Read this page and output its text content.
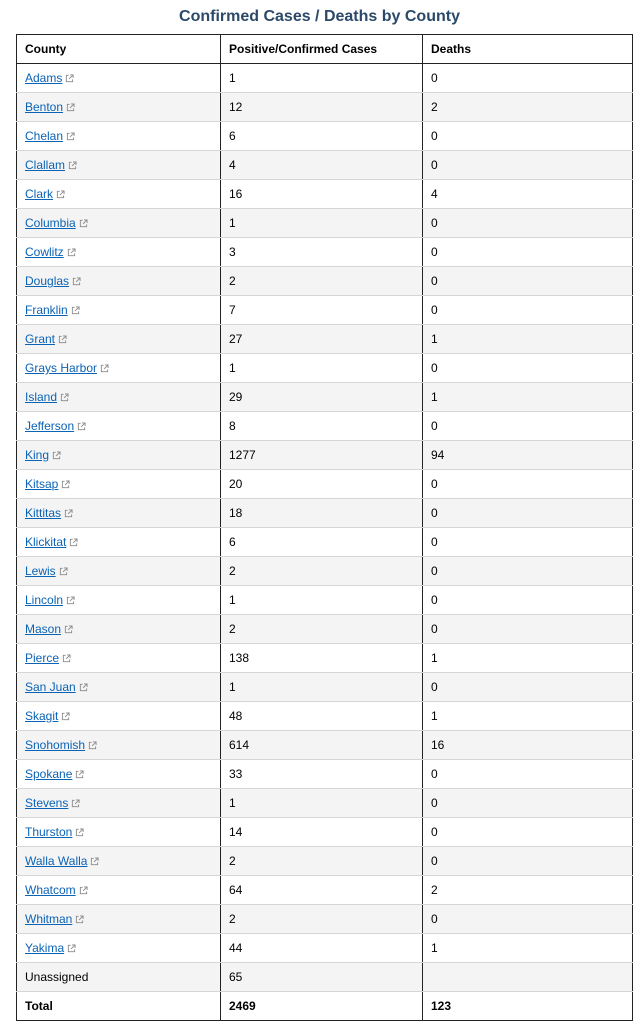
Confirmed Cases / Deaths by County
County	Positive/Confirmed Cases	Deaths
Adams	1	0
Benton	12	2
Chelan	6	0
Clallam	4	0
Clark	16	4
Columbia	1	0
Cowlitz	3	0
Douglas	2	0
Franklin	7	0
Grant	27	1
Grays Harbor	1	0
Island	29	1
Jefferson	8	0
King	1277	94
Kitsap	20	0
Kittitas	18	0
Klickitat	6	0
Lewis	2	0
Lincoln	1	0
Mason	2	0
Pierce	138	1
San Juan	1	0
Skagit	48	1
Snohomish	614	16
Spokane	33	0
Stevens	1	0
Thurston	14	0
Walla Walla	2	0
Whatcom	64	2
Whitman	2	0
Yakima	44	1
Unassigned	65	
Total	2469	123
